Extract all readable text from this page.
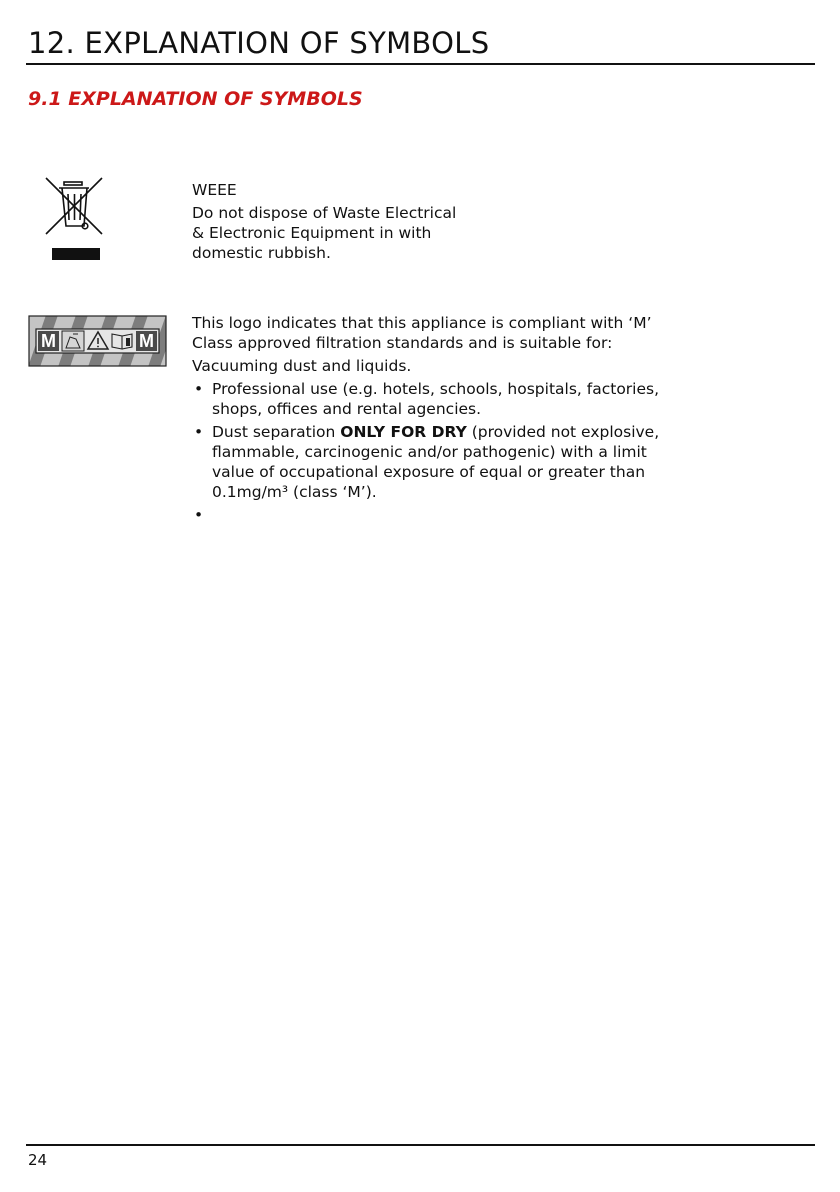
12. EXPLANATION OF SYMBOLS
9.1 EXPLANATION OF SYMBOLS

WEEE

Do not dispose of Waste Electrical

& Electronic Equipment in with

domestic rubbish.

M	M

This logo indicates that this appliance is compliant with ‘M’

Class approved filtration standards and is suitable for:

Vacuuming dust and liquids.

• Professional use (e.g. hotels, schools, hospitals, factories,
shops, offices and rental agencies.
• Dust separation ONLY FOR DRY (provided not explosive,
flammable, carcinogenic and/or pathogenic) with a limit
value of occupational exposure of equal or greater than
0.1mg/m³ (class ‘M’).
•

24
